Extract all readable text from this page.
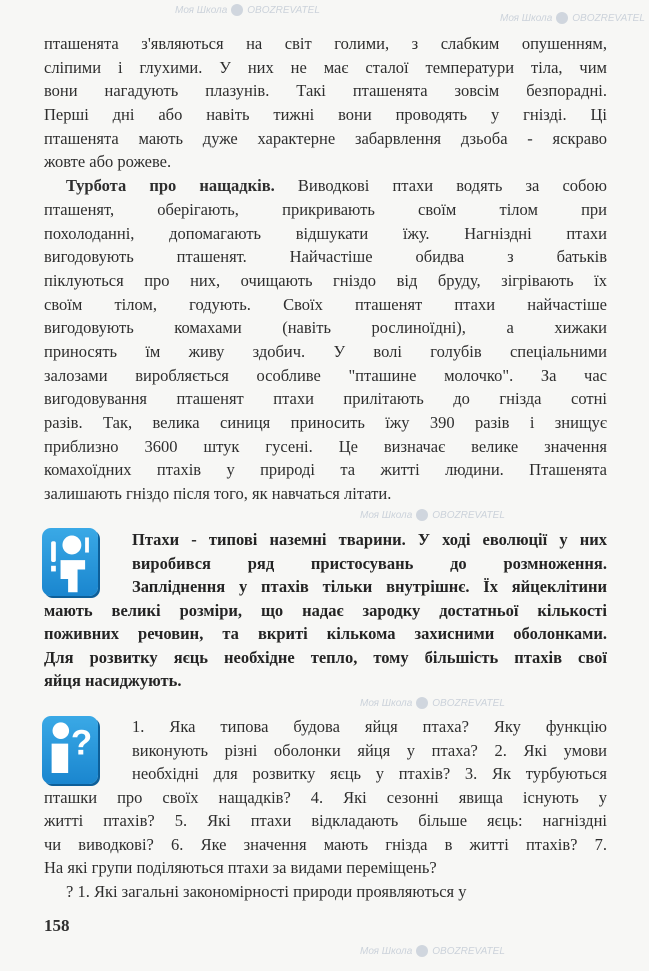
Моя Школа OBOZREVATEL
Моя Школа OBOZREVATEL
Моя Школа OBOZREVATEL
Моя Школа OBOZREVATEL
Моя Школа OBOZREVATEL
пташенята з'являються на світ голими, з слабким опушенням,
сліпими і глухими. У них не має сталої температури тіла, чим
вони нагадують плазунів. Такі пташенята зовсім безпорадні.
Перші дні або навіть тижні вони проводять у гнізді. Ці
пташенята мають дуже характерне забарвлення дзьоба - яскраво
жовте або рожеве.
Турбота про нащадків. Виводкові птахи водять за собою
пташенят, оберігають, прикривають своїм тілом при
похолоданні, допомагають відшукати їжу. Нагніздні птахи
вигодовують пташенят. Найчастіше обидва з батьків
піклуються про них, очищають гніздо від бруду, зігрівають їх
своїм тілом, годують. Своїх пташенят птахи найчастіше
вигодовують комахами (навіть рослиноїдні), а хижаки
приносять їм живу здобич. У волі голубів спеціальними
залозами виробляється особливе "пташине молочко". За час
вигодовування пташенят птахи прилітають до гнізда сотні
разів. Так, велика синиця приносить їжу 390 разів і знищує
приблизно 3600 штук гусені. Це визначає велике значення
комахоїдних птахів у природі та житті людини. Пташенята
залишають гніздо після того, як навчаться літати.
Птахи - типові наземні тварини. У ході еволюції у них
виробився ряд пристосувань до розмноження.
Запліднення у птахів тільки внутрішнє. Їх яйцеклітини
мають великі розміри, що надає зародку достатньої кількості
поживних речовин, та вкриті кількома захисними оболонками.
Для розвитку яєць необхідне тепло, тому більшість птахів свої
яйця насиджують.
?	1. Яка типова будова яйця птаха? Яку функцію
виконують різні оболонки яйця у птаха? 2. Які умови
необхідні для розвитку яєць у птахів? 3. Як турбуються
пташки про своїх нащадків? 4. Які сезонні явища існують у
житті птахів? 5. Які птахи відкладають більше яєць: нагніздні
чи виводкові? 6. Яке значення мають гнізда в житті птахів? 7.
На які групи поділяються птахи за видами переміщень?
? 1. Які загальні закономірності природи проявляються у
158
